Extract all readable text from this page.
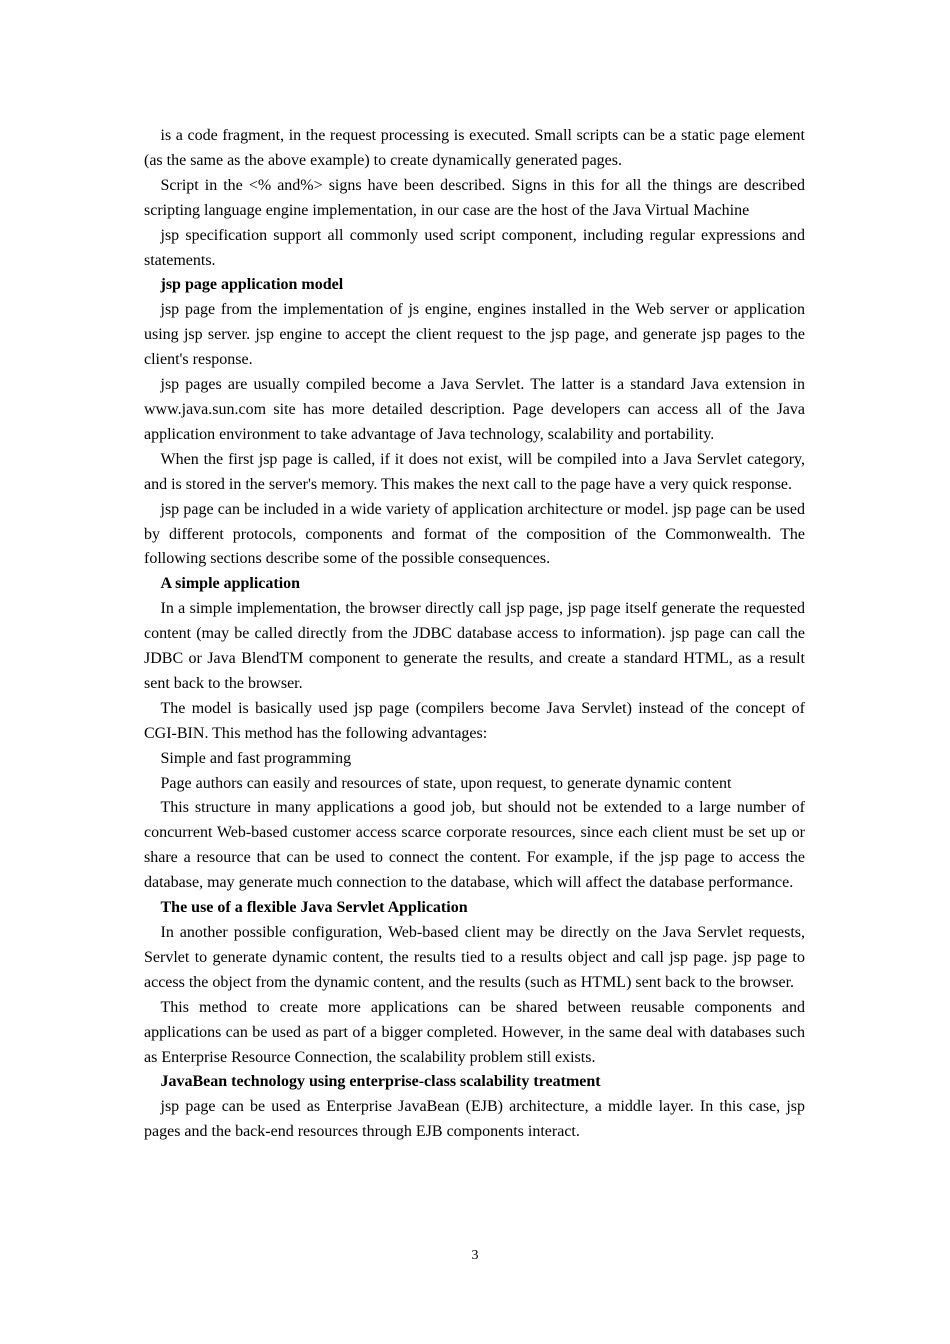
is a code fragment, in the request processing is executed. Small scripts can be a static page element (as the same as the above example) to create dynamically generated pages.

Script in the <% and%> signs have been described. Signs in this for all the things are described scripting language engine implementation, in our case are the host of the Java Virtual Machine

jsp specification support all commonly used script component, including regular expressions and statements.

jsp page application model

jsp page from the implementation of js engine, engines installed in the Web server or application using jsp server. jsp engine to accept the client request to the jsp page, and generate jsp pages to the client's response.

jsp pages are usually compiled become a Java Servlet. The latter is a standard Java extension in www.java.sun.com site has more detailed description. Page developers can access all of the Java application environment to take advantage of Java technology, scalability and portability.

When the first jsp page is called, if it does not exist, will be compiled into a Java Servlet category, and is stored in the server's memory. This makes the next call to the page have a very quick response.

jsp page can be included in a wide variety of application architecture or model. jsp page can be used by different protocols, components and format of the composition of the Commonwealth. The following sections describe some of the possible consequences.

A simple application

In a simple implementation, the browser directly call jsp page, jsp page itself generate the requested content (may be called directly from the JDBC database access to information). jsp page can call the JDBC or Java BlendTM component to generate the results, and create a standard HTML, as a result sent back to the browser.

The model is basically used jsp page (compilers become Java Servlet) instead of the concept of CGI-BIN. This method has the following advantages:

Simple and fast programming

Page authors can easily and resources of state, upon request, to generate dynamic content

This structure in many applications a good job, but should not be extended to a large number of concurrent Web-based customer access scarce corporate resources, since each client must be set up or share a resource that can be used to connect the content. For example, if the jsp page to access the database, may generate much connection to the database, which will affect the database performance.

The use of a flexible Java Servlet Application

In another possible configuration, Web-based client may be directly on the Java Servlet requests, Servlet to generate dynamic content, the results tied to a results object and call jsp page. jsp page to access the object from the dynamic content, and the results (such as HTML) sent back to the browser.

This method to create more applications can be shared between reusable components and applications can be used as part of a bigger completed. However, in the same deal with databases such as Enterprise Resource Connection, the scalability problem still exists.

JavaBean technology using enterprise-class scalability treatment

jsp page can be used as Enterprise JavaBean (EJB) architecture, a middle layer. In this case, jsp pages and the back-end resources through EJB components interact.

3
